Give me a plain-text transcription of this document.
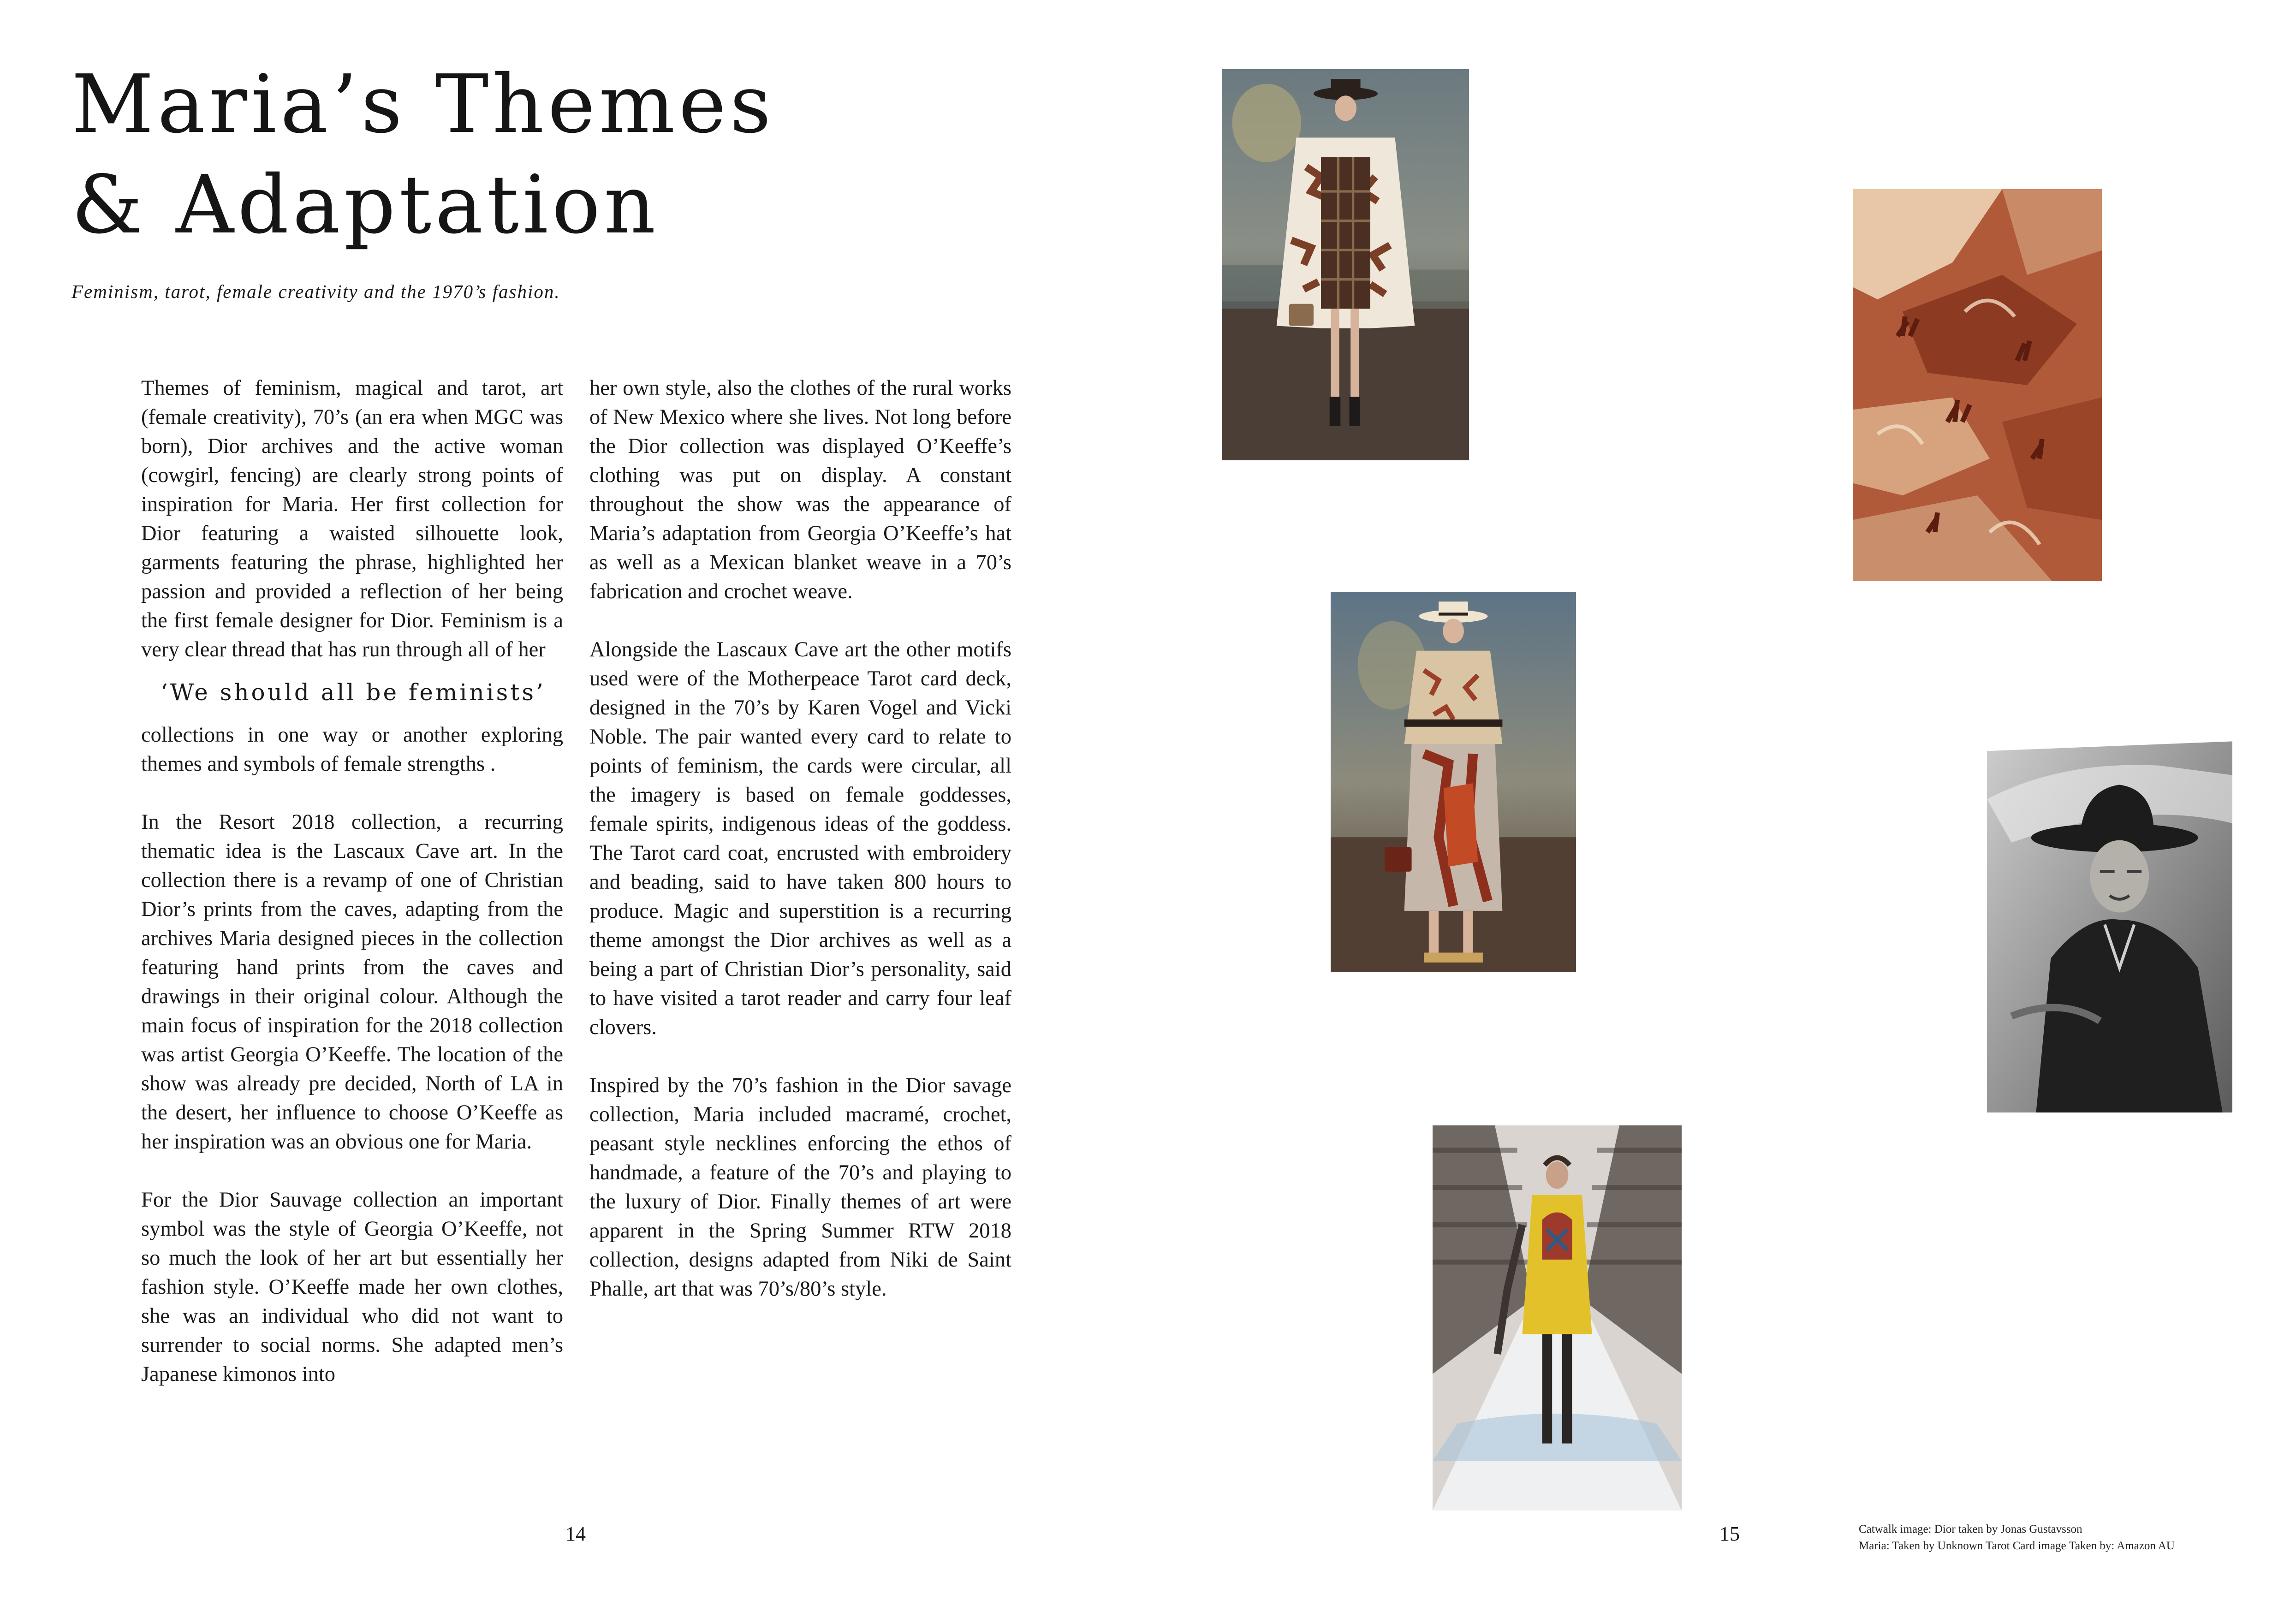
Maria’s Themes
& Adaptation

Feminism, tarot, female creativity and the 1970’s fashion.

Themes of feminism, magical and tarot, art (female creativity), 70’s (an era when MGC was born), Dior archives and the active woman (cowgirl, fencing) are clearly strong points of inspiration for Maria. Her first collection for Dior featuring a waisted silhouette look, garments featuring the phrase, highlighted her passion and provided a reflection of her being the first female designer for Dior. Feminism is a very clear thread that has run through all of her

‘We should all be feminists’

collections in one way or another exploring themes and symbols of female strengths .

In the Resort 2018 collection, a recurring thematic idea is the Lascaux Cave art. In the collection there is a revamp of one of Christian Dior’s prints from the caves, adapting from the archives Maria designed pieces in the collection featuring hand prints from the caves and drawings in their original colour. Although the main focus of inspiration for the 2018 collection was artist Georgia O’Keeffe. The location of the show was already pre decided, North of LA in the desert, her influence to choose O’Keeffe as her inspiration was an obvious one for Maria.

For the Dior Sauvage collection an important symbol was the style of Georgia O’Keeffe, not so much the look of her art but essentially her fashion style. O’Keeffe made her own clothes, she was an individual who did not want to surrender to social norms. She adapted men’s Japanese kimonos into

her own style, also the clothes of the rural works of New Mexico where she lives. Not long before the Dior collection was displayed O’Keeffe’s clothing was put on display. A constant throughout the show was the appearance of Maria’s adaptation from Georgia O’Keeffe’s hat as well as a Mexican blanket weave in a 70’s fabrication and crochet weave.

Alongside the Lascaux Cave art the other motifs used were of the Motherpeace Tarot card deck, designed in the 70’s by Karen Vogel and Vicki Noble. The pair wanted every card to relate to points of feminism, the cards were circular, all the imagery is based on female goddesses, female spirits, indigenous ideas of the goddess. The Tarot card coat, encrusted with embroidery and beading, said to have taken 800 hours to produce. Magic and superstition is a recurring theme amongst the Dior archives as well as a being a part of Christian Dior’s personality, said to have visited a tarot reader and carry four leaf clovers.

Inspired by the 70’s fashion in the Dior savage collection, Maria included macramé, crochet, peasant style necklines enforcing the ethos of handmade, a feature of the 70’s and playing to the luxury of Dior. Finally themes of art were apparent in the Spring Summer RTW 2018 collection, designs adapted from Niki de Saint Phalle, art that was 70’s/80’s style.

14	15	Catwalk image: Dior taken by Jonas Gustavsson
Maria: Taken by Unknown Tarot Card image Taken by: Amazon AU
